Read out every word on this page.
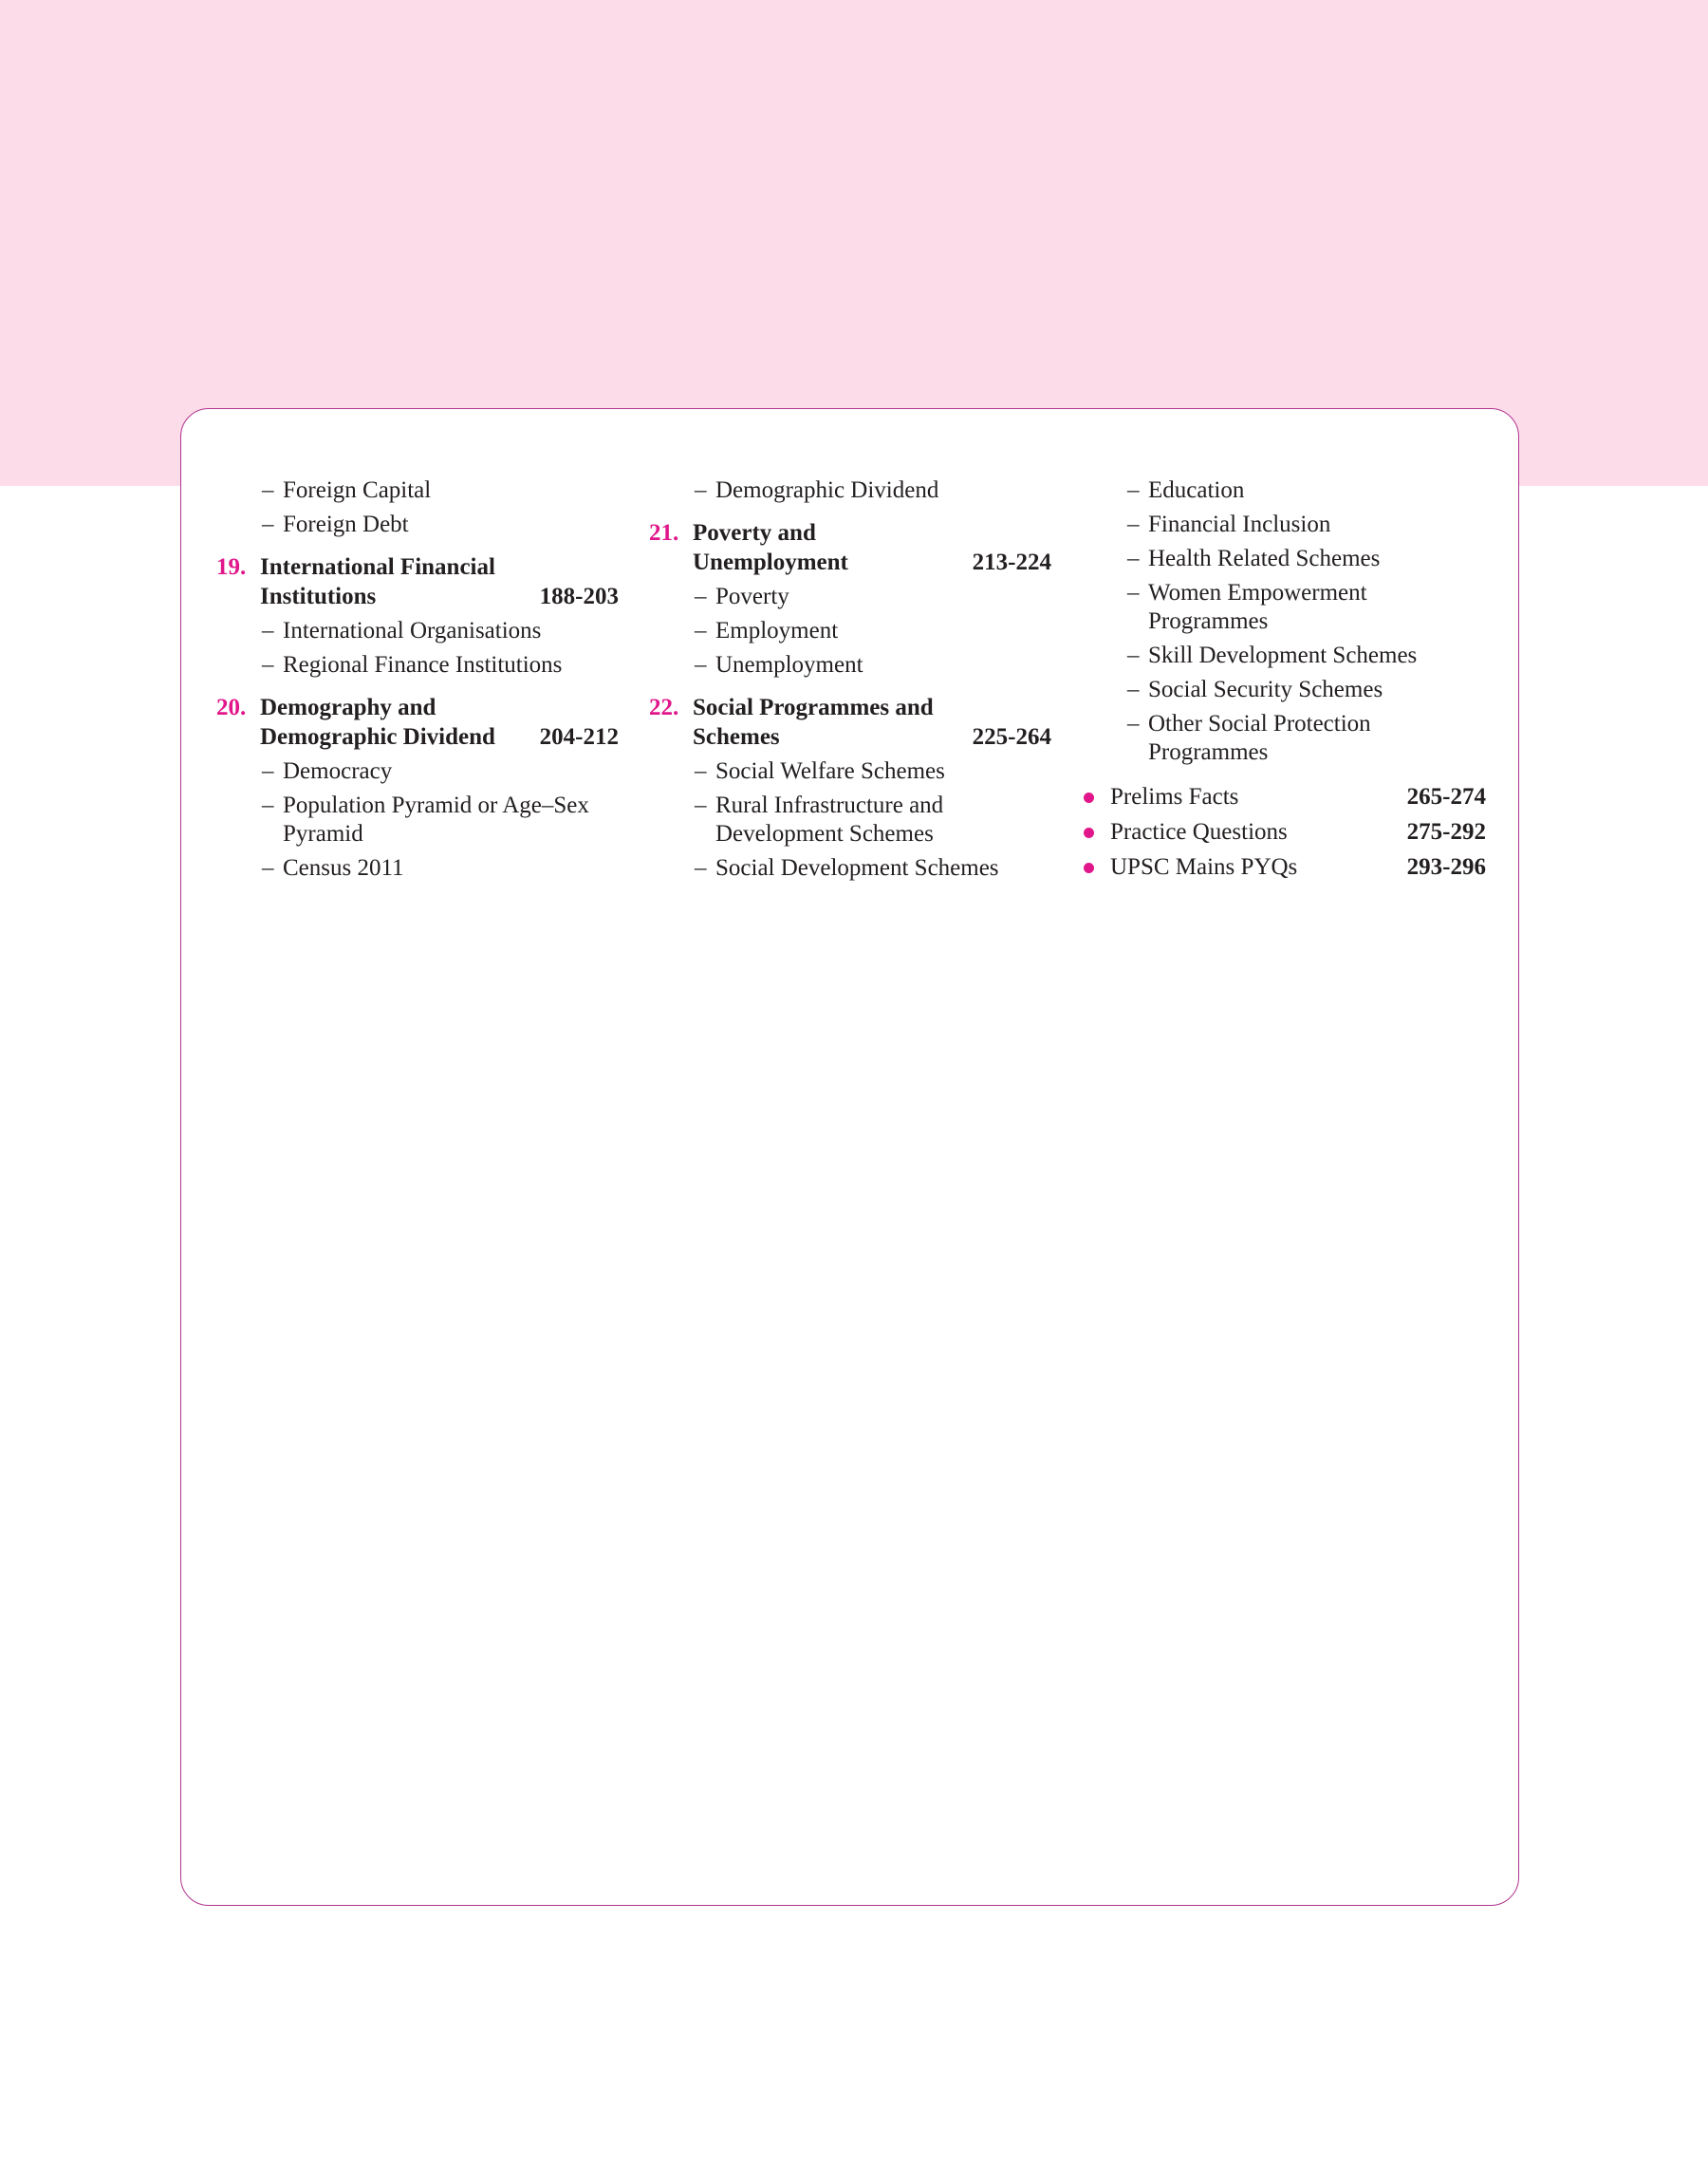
– Foreign Capital
– Foreign Debt
19. International Financial Institutions	188-203
– International Organisations
– Regional Finance Institutions
20. Demography and Demographic Dividend 204-212
– Democracy
– Population Pyramid or Age–Sex Pyramid
– Census 2011
– Demographic Dividend
21. Poverty and Unemployment	213-224
– Poverty
– Employment
– Unemployment
22. Social Programmes and Schemes	225-264
– Social Welfare Schemes
– Rural Infrastructure and Development Schemes
– Social Development Schemes
– Education
– Financial Inclusion
– Health Related Schemes
– Women Empowerment Programmes
– Skill Development Schemes
– Social Security Schemes
– Other Social Protection Programmes
Prelims Facts	265-274
Practice Questions	275-292
UPSC Mains PYQs	293-296
